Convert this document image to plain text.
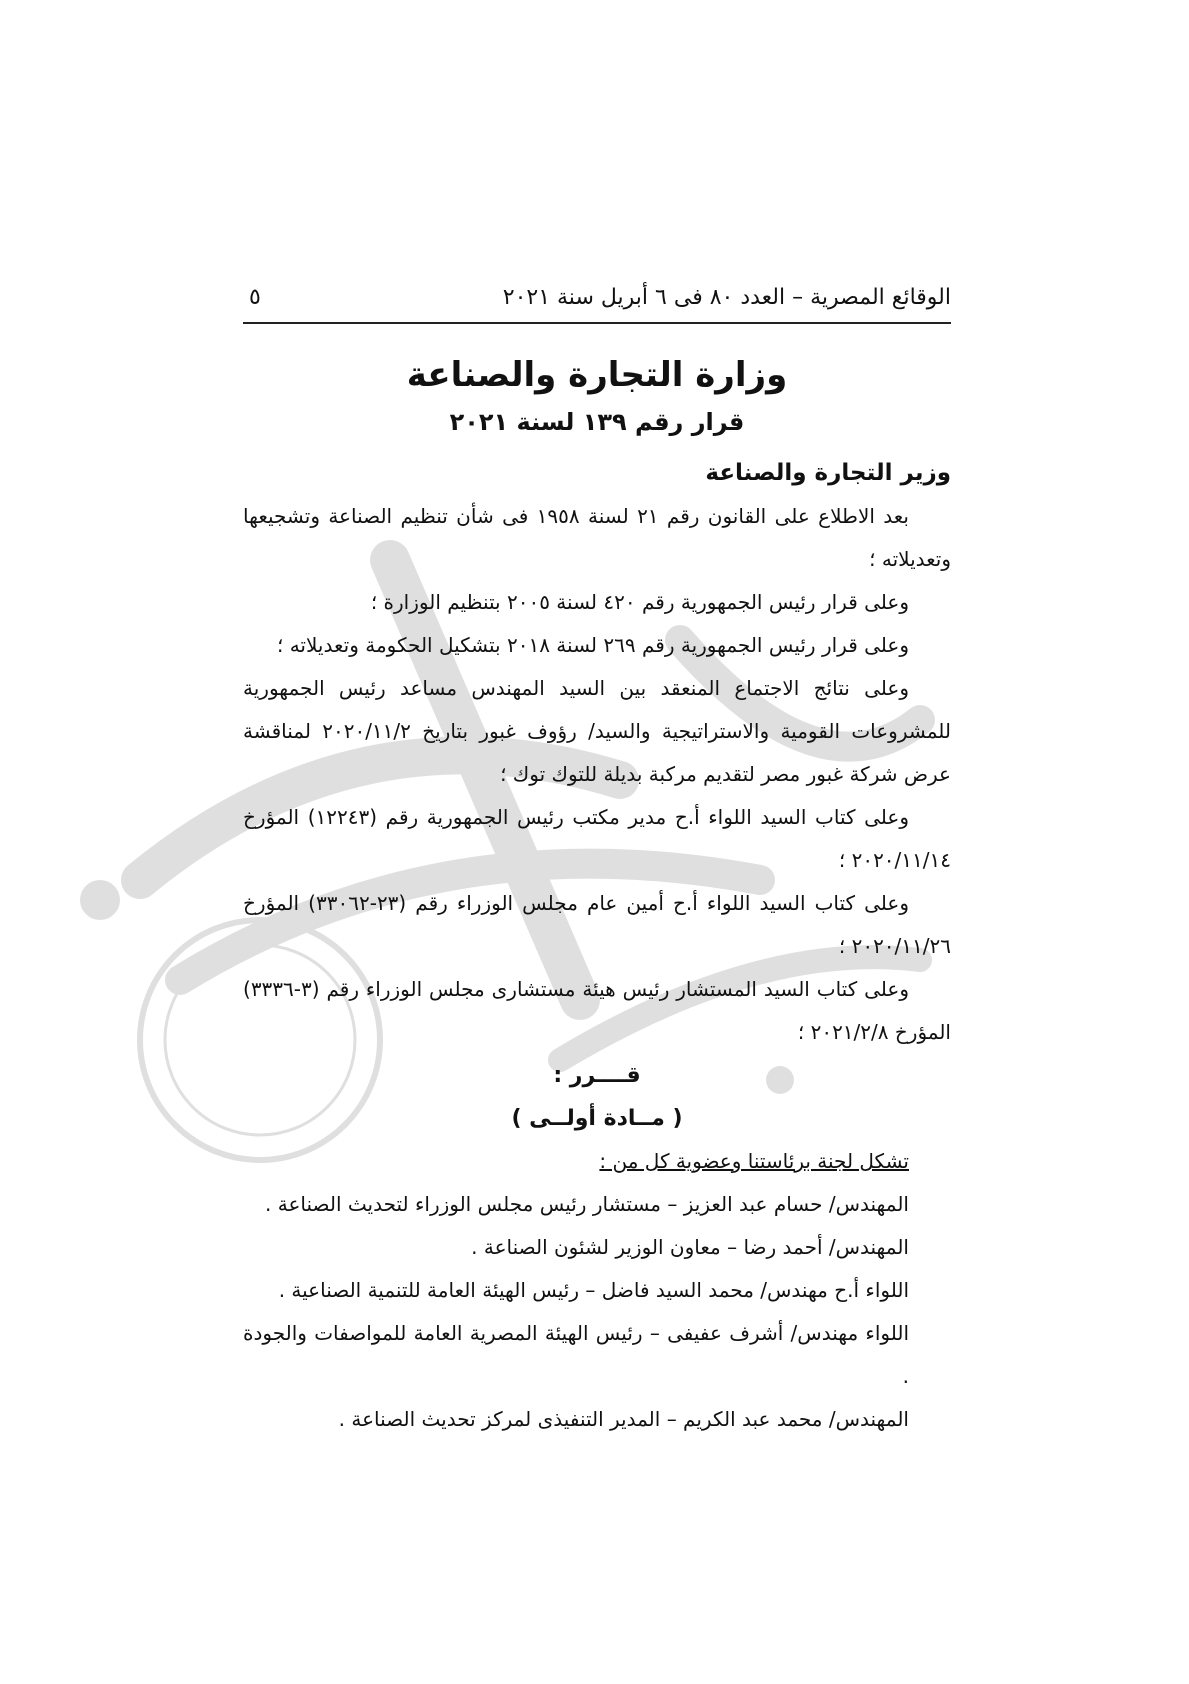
الوقائع المصرية – العدد ٨٠ فى ٦ أبريل سنة ٢٠٢١
٥
وزارة التجارة والصناعة
قرار رقم ١٣٩ لسنة ٢٠٢١

وزير التجارة والصناعة

بعد الاطلاع على القانون رقم ٢١ لسنة ١٩٥٨ فى شأن تنظيم الصناعة وتشجيعها وتعديلاته ؛

وعلى قرار رئيس الجمهورية رقم ٤٢٠ لسنة ٢٠٠٥ بتنظيم الوزارة ؛

وعلى قرار رئيس الجمهورية رقم ٢٦٩ لسنة ٢٠١٨ بتشكيل الحكومة وتعديلاته ؛

وعلى نتائج الاجتماع المنعقد بين السيد المهندس مساعد رئيس الجمهورية للمشروعات القومية والاستراتيجية والسيد/ رؤوف غبور بتاريخ ٢٠٢٠/١١/٢ لمناقشة عرض شركة غبور مصر لتقديم مركبة بديلة للتوك توك ؛

وعلى كتاب السيد اللواء أ.ح مدير مكتب رئيس الجمهورية رقم (١٢٢٤٣) المؤرخ ٢٠٢٠/١١/١٤ ؛

وعلى كتاب السيد اللواء أ.ح أمين عام مجلس الوزراء رقم (٢٣-٣٣٠٦٢) المؤرخ ٢٠٢٠/١١/٢٦ ؛

وعلى كتاب السيد المستشار رئيس هيئة مستشارى مجلس الوزراء رقم (٣-٣٣٣٦) المؤرخ ٢٠٢١/٢/٨ ؛

قــــرر :

( مــادة أولــى )

تشكل لجنة برئاستنا وعضوية كل من :

المهندس/ حسام عبد العزيز – مستشار رئيس مجلس الوزراء لتحديث الصناعة .

المهندس/ أحمد رضا – معاون الوزير لشئون الصناعة .

اللواء أ.ح مهندس/ محمد السيد فاضل – رئيس الهيئة العامة للتنمية الصناعية .

اللواء مهندس/ أشرف عفيفى – رئيس الهيئة المصرية العامة للمواصفات والجودة .

المهندس/ محمد عبد الكريم – المدير التنفيذى لمركز تحديث الصناعة .
